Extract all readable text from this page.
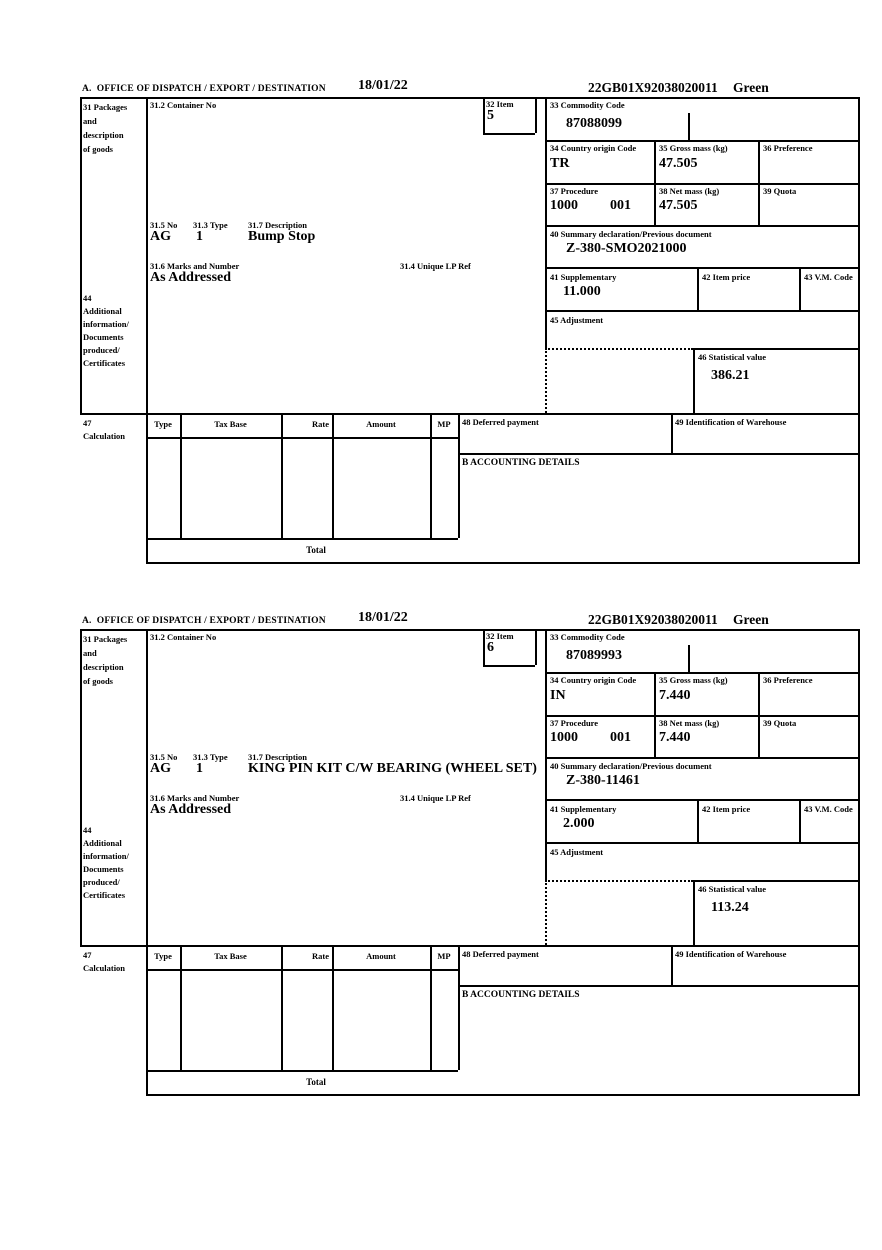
A.  OFFICE OF DISPATCH / EXPORT / DESTINATION 18/01/22	22GB01X92038020011 Green
31 Packages
and
description
of goods
31.2 Container No	32 Item
5
33 Commodity Code
87088099
34 Country origin Code
TR
35 Gross mass (kg)
47.505
36 Preference
37 Procedure
1000 001
38 Net mass (kg)
47.505
39 Quota
40 Summary declaration/Previous document
Z-380-SMO2021000
41 Supplementary
11.000
42 Item price	43 V.M. Code
45 Adjustment
46 Statistical value
386.21
31.5 No 31.3 Type 31.7 Description
AG 1	Bump Stop
31.6 Marks and Number	31.4 Unique LP Ref
As Addressed
44
Additional
information/
Documents
produced/
Certificates
47
Calculation
Type	Tax Base	Rate	Amount	MP	48 Deferred payment	49 Identification of Warehouse
B ACCOUNTING DETAILS
Total
A.  OFFICE OF DISPATCH / EXPORT / DESTINATION 18/01/22	22GB01X92038020011 Green
31 Packages
and
description
of goods
31.2 Container No	32 Item
6
33 Commodity Code
87089993
34 Country origin Code
IN
35 Gross mass (kg)
7.440
36 Preference
37 Procedure
1000 001
38 Net mass (kg)
7.440
39 Quota
40 Summary declaration/Previous document
Z-380-11461
41 Supplementary
2.000
42 Item price	43 V.M. Code
45 Adjustment
46 Statistical value
113.24
31.5 No 31.3 Type 31.7 Description
AG 1	KING PIN KIT C/W BEARING (WHEEL SET)
31.6 Marks and Number	31.4 Unique LP Ref
As Addressed
44
Additional
information/
Documents
produced/
Certificates
47
Calculation
Type	Tax Base	Rate	Amount	MP	48 Deferred payment	49 Identification of Warehouse
B ACCOUNTING DETAILS
Total
